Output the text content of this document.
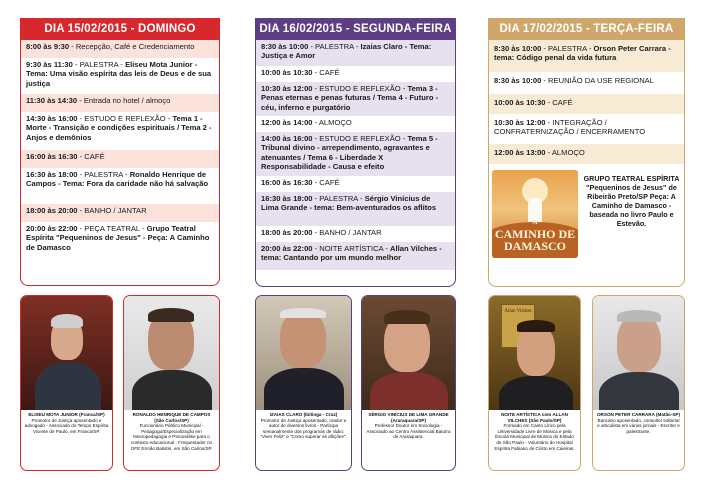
DIA 15/02/2015 - DOMINGO
8:00 às 9:30 - Recepção, Café e Credenciamento
9:30 às 11:30 - PALESTRA - Eliseu Mota Junior - Tema: Uma visão espírita das leis de Deus e de sua justiça
11:30 às 14:30 - Entrada no hotel / almoço
14:30 às 16:00 - ESTUDO E REFLEXÃO - Tema 1 - Morte - Transição e condições espirituais / Tema 2 - Anjos e demônios
16:00 às 16:30 - CAFÉ
16:30 às 18:00 - PALESTRA - Ronaldo Henrique de Campos - Tema: Fora da caridade não há salvação
18:00 às 20:00 - BANHO / JANTAR
20:00 às 22:00 - PEÇA TEATRAL - Grupo Teatral Espírita "Pequeninos de Jesus" - Peça: A Caminho de Damasco
DIA 16/02/2015 - SEGUNDA-FEIRA
8:30 às 10:00 - PALESTRA - Izaias Claro - Tema: Justiça e Amor
10:00 às 10:30 - CAFÉ
10:30 às 12:00 - ESTUDO E REFLEXÃO - Tema 3 - Penas eternas e penas futuras / Tema 4 - Futuro - céu, inferno e purgatório
12:00 às 14:00 - ALMOÇO
14:00 às 16:00 - ESTUDO E REFLEXÃO - Tema 5 - Tribunal divino - arrependimento, agravantes e atenuantes / Tema 6 - Liberdade X Responsabilidade - Causa e efeito
16:00 às 16:30 - CAFÉ
16:30 às 18:00 - PALESTRA - Sérgio Vinícius de Lima Grande - tema: Bem-aventurados os aflitos
18:00 às 20:00 - BANHO / JANTAR
20:00 às 22:00 - NOITE ARTÍSTICA - Allan Vilches - tema: Cantando por um mundo melhor
DIA 17/02/2015 - TERÇA-FEIRA
8:30 às 10:00 - PALESTRA - Orson Peter Carrara - tema: Código penal da vida futura
8:30 às 10:00 - REUNIÃO DA USE REGIONAL
10:00 às 10:30 - CAFÉ
10:30 às 12:00 - INTEGRAÇÃO / CONFRATERNIZAÇÃO / ENCERRAMENTO
12:00 às 13:00 - ALMOÇO
A
CAMINHO DE DAMASCO
GRUPO TEATRAL ESPÍRITA "Pequeninos de Jesus" de Ribeirão Preto/SP Peça: A Caminho de Damasco - baseada no livro Paulo e Estevão.
ELISEU MOTA JUNIOR (Franca/SP)
Promotor de Justiça aposentado e advogado - Associado do Tempo Espírita Vicente de Paulo, em Franca/SP.
RONALDO HENRIQUE DE CAMPOS (São Carlos/SP)
Funcionário Público Municipal - Pedagogo/Especialização em Neuropedagogia e Psicanálise para o contexto educacional - Frequentador no GFE Ermão Batistin, em São Carlos/SP.
IZAIAS CLARO (Ibitinga - Cruz)
Promotor de Justiça aposentado, orador e autor de diversos livros - Participa semanalmente dos programas de rádio: "Viver Feliz" e "Como superar as aflições".
SÉRGIO VINÍCIUS DE LIMA GRANDE (Araraquara/SP)
Professor Doutor em Sociologia - Associado ao Centro Assistencial Batuíra de Araraquara.
Allan Vilches
NOITE ARTÍSTICA com ALLAN VILCHES (São Paulo/SP)
Formado em Canto Lírico pela Universidade Livre de Música e pela Escola Municipal de Música do Estado de São Paulo - Voluntário do Hospital Espírita Fabiano de Cristo em Caieiras.
ORSON PETER CARRARA (Matão-SP)
Bancário aposentado, consultor editorial e articulista em vários jornais - Escritor e palestrante.
